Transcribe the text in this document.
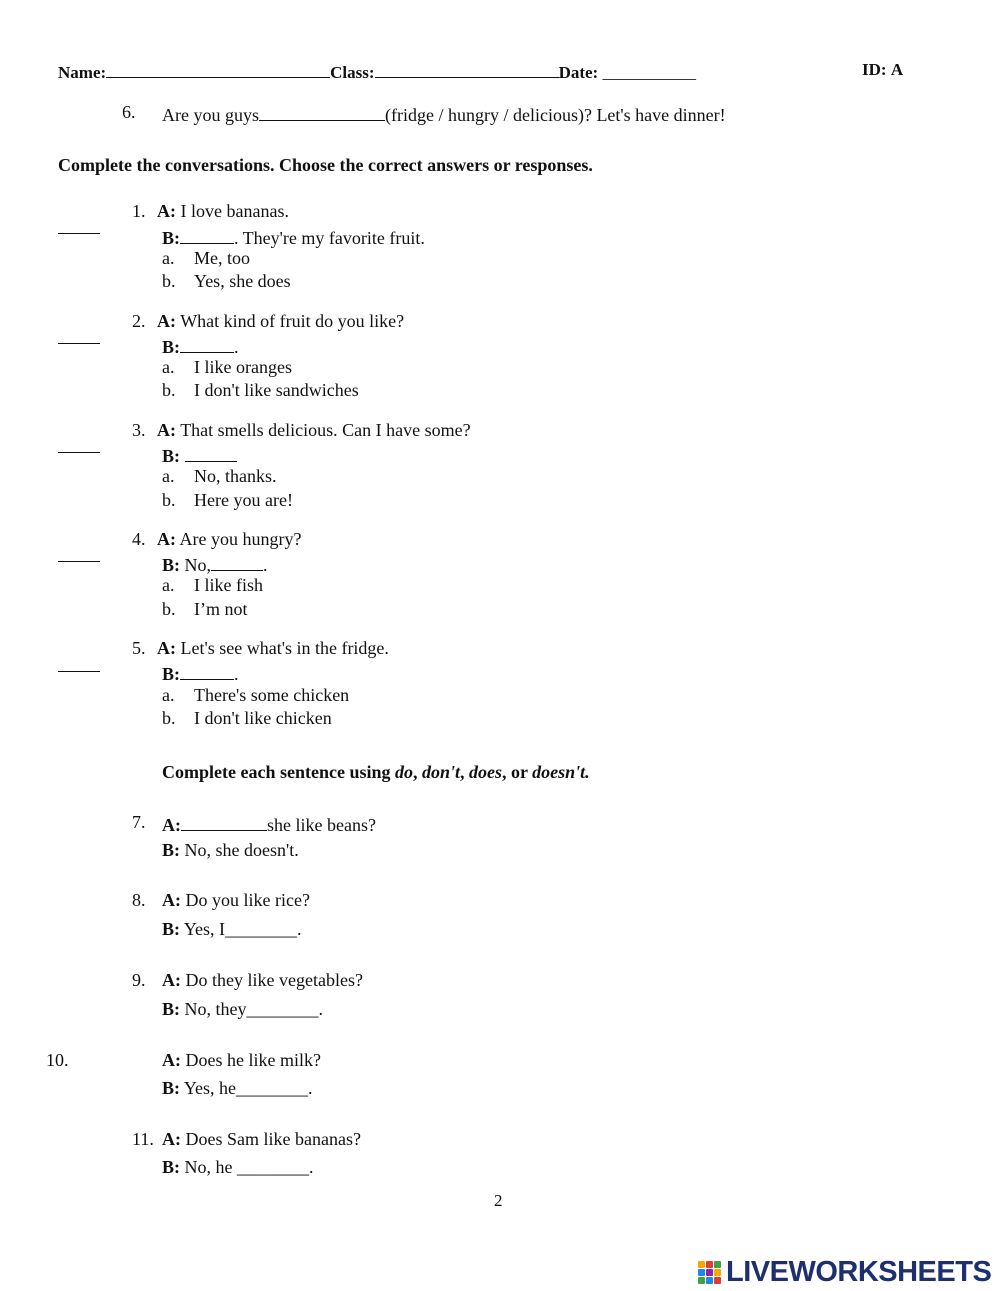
Name:	Class:	Date: ___________	ID: A
6. Are you guys	(fridge / hungry / delicious)? Let's have dinner!
Complete the conversations. Choose the correct answers or responses.
1. A: I love bananas.
B:	. They're my favorite fruit.
a. Me, too
b. Yes, she does
2. A: What kind of fruit do you like?
B:	.
a. I like oranges
b. I don't like sandwiches
3. A: That smells delicious. Can I have some?
B:
a. No, thanks.
b. Here you are!
4. A: Are you hungry?
B: No,	.
a. I like fish
b. I’m not
5. A: Let's see what's in the fridge.
B:	.
a. There's some chicken
b. I don't like chicken
Complete each sentence using do, don't, does, or doesn't.
7. A:	she like beans?
B: No, she doesn't.
8. A: Do you like rice?
B: Yes, I________.
9. A: Do they like vegetables?
B: No, they________.
10.	A: Does he like milk?
B: Yes, he________.
11. A: Does Sam like bananas?
B: No, he ________.
2
LIVEWORKSHEETS
